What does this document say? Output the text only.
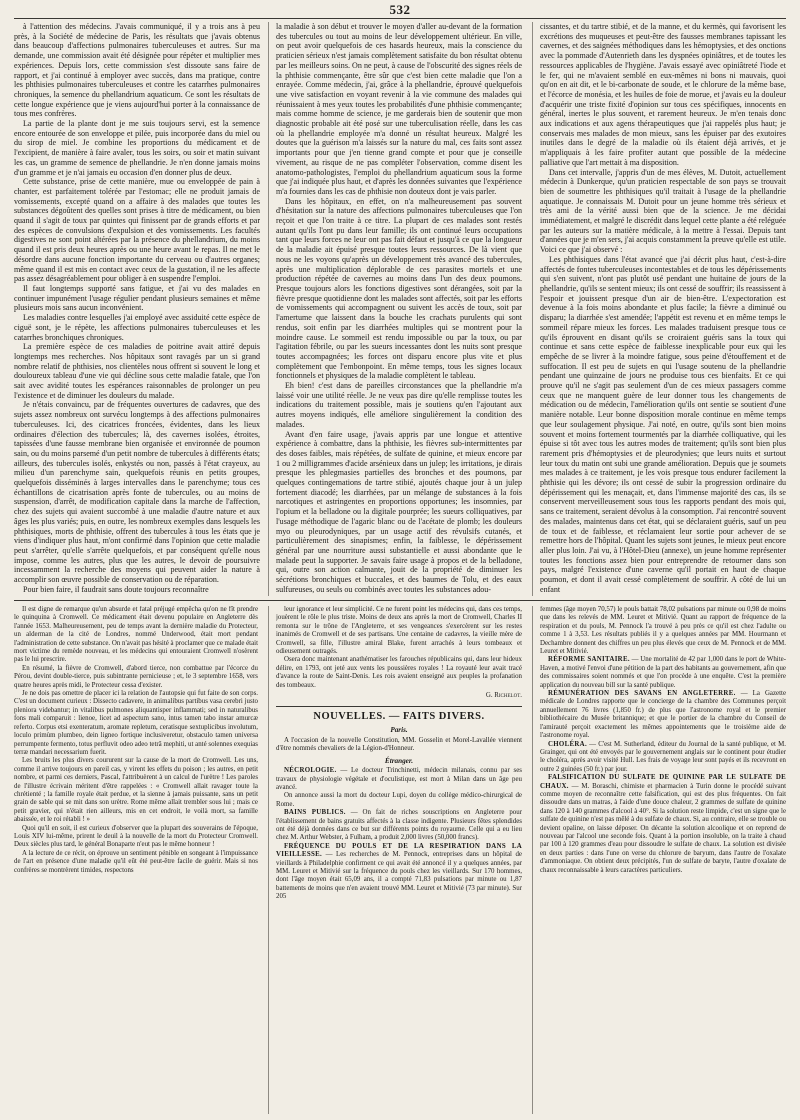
532

à l'attention des médecins. J'avais communiqué, il y a trois ans à peu près, à la Société de médecine de Paris, les résultats que j'avais obtenus dans beaucoup d'affections pulmonaires tuberculeuses et autres. Sur ma demande, une commission avait été désignée pour répéter et multiplier mes expériences. Depuis lors, cette commission s'est dissoute sans faire de rapport, et j'ai continué à employer avec succès, dans ma pratique, contre les phthisies pulmonaires tuberculeuses et contre les catarrhes pulmonaires chroniques, la semence du phellandrium aquaticum. Ce sont les résultats de cette longue expérience que je viens aujourd'hui porter à la connaissance de tous mes confrères.

La partie de la plante dont je me suis toujours servi, est la semence encore entourée de son enveloppe et pilée, puis incorporée dans du miel ou du sirop de miel. Je combine les proportions du médicament et de l'excipient, de manière à faire avaler, tous les soirs, ou soir et matin suivant les cas, un gramme de semence de phellandrie. Je n'en donne jamais moins d'un gramme et je n'ai jamais eu occasion d'en donner plus de deux.

Cette substance, prise de cette manière, mue ou enveloppée de pain à chanter, est parfaitement tolérée par l'estomac; elle ne produit jamais de vomissements, excepté quand on a affaire à des malades que toutes les substances dégoûtent des quelles sont prises à titre de médicament, ou bien quand il s'agit de toux par quintes qui finissent par de grands efforts et par des espèces de convulsions d'expulsion et des vomissements. Les facultés digestives ne sont point altérées par la présence du phellandrium, du moins quand il est pris deux heures après ou une heure avant le repas. Il ne met le désordre dans aucune fonction importante du cerveau ou d'autres organes; même quand il est mis en contact avec ceux de la gustation, il ne les affecte pas assez désagréablement pour obliger à en suspendre l'emploi.

Il faut longtemps supporté sans fatigue, et j'ai vu des malades en continuer impunément l'usage régulier pendant plusieurs semaines et même plusieurs mois sans aucun inconvénient.

Les maladies contre lesquelles j'ai employé avec assiduité cette espèce de ciguë sont, je le répète, les affections pulmonaires tuberculeuses et les catarrhes bronchiques chroniques.

La première espèce de ces maladies de poitrine avait attiré depuis longtemps mes recherches. Nos hôpitaux sont ravagés par un si grand nombre relatif de phthisies, nos clientèles nous offrent si souvent le long et douloureux tableau d'une vie qui décline sous cette maladie fatale, que l'on sait avec avidité toutes les espérances raisonnables de prolonger un peu l'existence et de diminuer les douleurs du malade.

Je n'étais convaincu, par de fréquentes ouvertures de cadavres, que des sujets assez nombreux ont survécu longtemps à des affections pulmonaires tuberculeuses. Ici, des cicatrices froncées, évidentes, dans les lieux ordinaires d'élection des tubercules; là, des cavernes isolées, étroites, tapissées d'une fausse membrane bien organisée et environnée de poumon sain, ou du moins parsemé d'un petit nombre de tubercules à différents états; ailleurs, des tubercules isolés, enkystés ou non, passés à l'état crayeux, au milieu d'un parenchyme sain, quelquefois réunis en petits groupes, quelquefois disséminés à larges intervalles dans le parenchyme; tous ces échantillons de cicatrisation après fonte de tubercules, ou au moins de suspension, d'arrêt, de modification capitale dans la marche de l'affection, chez des sujets qui avaient succombé à une maladie d'autre nature et aux âges les plus variés; puis, en outre, les nombreux exemples dans lesquels les phthisiques, morts de phthisie, offrent des tubercules à tous les états que je viens d'indiquer plus haut, m'ont confirmé dans l'opinion que cette maladie peut s'arrêter, qu'elle s'arrête quelquefois, et par conséquent qu'elle nous impose, comme les autres, plus que les autres, le devoir de poursuivre incessamment la recherche des moyens qui peuvent aider la nature à accomplir son œuvre possible de conservation ou de réparation.

Pour bien faire, il faudrait sans doute toujours reconnaître

la maladie à son début et trouver le moyen d'aller au-devant de la formation des tubercules ou tout au moins de leur développement ultérieur. En ville, on peut avoir quelquefois de ces hasards heureux, mais la conscience du praticien sérieux n'est jamais complètement satisfaite du bon résultat obtenu par les meilleurs soins. On ne peut, à cause de l'obscurité des signes réels de la phthisie commençante, être sûr que c'est bien cette maladie que l'on a enrayée. Comme médecin, j'ai, grâce à la phellandrie, éprouvé quelquefois une vive satisfaction en voyant revenir à la vie commune des malades qui réunissaient à mes yeux toutes les probabilités d'une phthisie commençante; mais comme homme de science, je me garderais bien de soutenir que mon diagnostic probable ait été posé sur une tuberculisation réelle, dans les cas où la phellandrie employée m'a donné un résultat heureux. Malgré les doutes que la guérison m'a laissés sur la nature du mal, ces faits sont assez importants pour que j'en tienne grand compte et pour que je conseille vivement, au risque de ne pas compléter l'observation, comme disent les anatomo-pathologistes, l'emploi du phellandrium aquaticum sous la forme que j'ai indiquée plus haut, et d'après les données suivantes que l'expérience m'a fournies dans les cas de phthisie non douteux dont je vais parler.

Dans les hôpitaux, en effet, on n'a malheureusement pas souvent d'hésitation sur la nature des affections pulmonaires tuberculeuses que l'on reçoit et que l'on traite à ce titre. La plupart de ces malades sont restés autant qu'ils l'ont pu dans leur famille; ils ont continué leurs occupations tant que leurs forces ne leur ont pas fait défaut et jusqu'à ce que la longueur de la maladie ait épuisé presque toutes leurs ressources. De là vient que nous ne les voyons qu'après un développement très avancé des tubercules, après une multiplication déplorable de ces parasites mortels et une production répétée de cavernes au moins dans l'un des deux poumons. Presque toujours alors les fonctions digestives sont dérangées, soit par la fièvre presque quotidienne dont les malades sont affectés, soit par les efforts de vomissements qui accompagnent ou suivent les accès de toux, soit par l'amertume que laissent dans la bouche les crachats purulents qui sont rendus, soit enfin par les diarrhées multiples qui se montrent pour la moindre cause. Le sommeil est rendu impossible ou par la toux, ou par l'agitation fébrile, ou par les sueurs incessantes dont les nuits sont presque toutes accompagnées; les forces ont disparu encore plus vite et plus complètement que l'embonpoint. En même temps, tous les signes locaux fonctionnels et physiques de la maladie complètent le tableau.

Eh bien! c'est dans de pareilles circonstances que la phellandrie m'a laissé voir une utilité réelle. Je ne veux pas dire qu'elle remplisse toutes les indications du traitement possible, mais je soutiens qu'en l'ajoutant aux autres moyens indiqués, elle améliore singulièrement la condition des malades.

Avant d'en faire usage, j'avais appris par une longue et attentive expérience à combattre, dans la phthisie, les fièvres sub-intermittentes par des doses faibles, mais répétées, de sulfate de quinine, et mieux encore par 1 ou 2 milligrammes d'acide arsénieux dans un julep; les irritations, je dirais presque les phlegmasies partielles des bronches et des poumons, par quelques contingemations de tartre stibié, ajoutés chaque jour à un julep fortement diacodé; les diarrhées, par un mélange de substances à la fois narcotiques et astringentes en proportions opportunes; les insomnies, par l'opium et la belladone ou la digitale pourprée; les sueurs colliquatives, par l'usage méthodique de l'agaric blanc ou de l'acétate de plomb; les douleurs myo ou pleurodyniques, par un usage actif des révulsifs cutanés, et particulièrement des sinapismes; enfin, la faiblesse, le dépérissement général par une nourriture aussi substantielle et aussi abondante que le malade peut la supporter. Je savais faire usage à propos et de la belladone, qui, outre son action calmante, jouit de la propriété de diminuer les sécrétions bronchiques et buccales, et des baumes de Tolu, et des eaux sulfureuses, ou seuls ou combinés avec toutes les substances adou-

cissantes, et du tartre stibié, et de la manne, et du kermès, qui favorisent les excrétions des muqueuses et peut-être des fausses membranes tapissant les cavernes, et des saignées méthodiques dans les hémoptysies, et des onctions avec la pommade d'Autenrieth dans les dyspnées opiniâtres, et de toutes les ressources applicables de l'hygiène. J'avais essayé avec opiniâtreté l'iode et le fer, qui ne m'avaient semblé en eux-mêmes ni bons ni mauvais, quoi qu'on en ait dit, et le bi-carbonate de soude, et le chlorure de la même base, et l'écorce de monésia, et les huiles de foie de morue, et j'avais eu la douleur d'acquérir une triste fixité d'opinion sur tous ces spécifiques, innocents en général, inertes le plus souvent, et rarement heureux. Je m'en tenais donc aux indications et aux agens thérapeutiques que j'ai rappelés plus haut; je conservais mes malades de mon mieux, sans les épuiser par des exutoires inutiles dans le degré de la maladie où ils étaient déjà arrivés, et je m'appliquais à les faire profiter autant que possible de la médecine palliative que l'art mettait à ma disposition.

Dans cet intervalle, j'appris d'un de mes élèves, M. Dutoit, actuellement médecin à Dunkerque, qu'un praticien respectable de son pays se trouvait bien de soumettre les phthisiques qu'il traitait à l'usage de la phellandrie aquatique. Je connaissais M. Dutoit pour un jeune homme très sérieux et très ami de la vérité aussi bien que de la science. Je me décidai immédiatement, et malgré le discrédit dans lequel cette plante a été reléguée par les auteurs sur la matière médicale, à la mettre à l'essai. Depuis tant d'années que je m'en sers, j'ai acquis constamment la preuve qu'elle est utile. Voici ce que j'ai observé :

Les phthisiques dans l'état avancé que j'ai décrit plus haut, c'est-à-dire affectés de fontes tuberculeuses incontestables et de tous les dépérissements qui s'en suivent, n'ont pas plutôt usé pendant une huitaine de jours de la phellandrie, qu'ils se sentent mieux; ils ont cessé de souffrir; ils reassissent à l'espoir et jouissent presque d'un air de bien-être. L'expectoration est devenue à la fois moins abondante et plus facile; la fièvre a diminué ou disparu; la diarrhée s'est amendée; l'appétit est revenu et en même temps le sommeil répare mieux les forces. Les malades traduisent presque tous ce qu'ils éprouvent en disant qu'ils se croiraient guéris sans la toux qui continue et sans cette espèce de faiblesse inexplicable pour eux qui les empêche de se livrer à la moindre fatigue, sous peine d'étouffement et de suffocation. Il est peu de sujets en qui l'usage soutenu de la phellandrie pendant une quinzaine de jours ne produise tous ces bienfaits. Et ce qui prouve qu'il ne s'agit pas seulement d'un de ces mieux passagers comme ceux que ne manquent guère de leur donner tous les changements de médication ou de médecin, l'amélioration qu'ils ont sentie se soutient d'une manière notable. Leur bonne disposition morale continue en même temps que leur soulagement physique. J'ai noté, en outre, qu'ils sont bien moins souvent et moins fortement tourmentés par la diarrhée colliquative, qui les épuise si tôt avec tous les autres modes de traitement; qu'ils sont bien plus rarement pris d'hémoptysies et de pleurodynies; que leurs nuits et surtout leur toux du matin ont subi une grande amélioration. Depuis que je soumets mes malades à ce traitement, je les vois presque tous endurer facilement la phthisie qui les dévore; ils ont cessé de subir la progression ordinaire du dépérissement qui les menaçait, et, dans l'immense majorité des cas, ils se conservent merveilleusement sous tous les rapports pendant des mois qui, sans ce traitement, seraient dévolus à la consomption. J'ai rencontré souvent des malades, maintenus dans cet état, qui se déclaraient guéris, sauf un peu de toux et de faiblesse, et réclamaient leur sortie pour achever de se remettre hors de l'hôpital. Quant les sujets sont jeunes, le mieux peut encore aller plus loin. J'ai vu, à l'Hôtel-Dieu (annexe), un jeune homme représenter toutes les fonctions assez bien pour entreprendre de retourner dans son pays, malgré l'existence d'une caverne qu'il portait en haut de chaque poumon, et dont il avait cessé complètement de souffrir. A côté de lui un enfant

Il est digne de remarque qu'un absurde et fatal préjugé empêcha qu'on ne fît prendre le quinquina à Cromwell. Ce médicament était devenu populaire en Angleterre dès l'année 1653. Malheureusement, peu de temps avant la dernière maladie du Protecteur, un alderman de la cité de Londres, nommé Underwood, était mort pendant l'administration de cette substance. On n'avait pas hésité à proclamer que ce malade était mort victime du remède nouveau, et les médecins qui entouraient Cromwell n'osèrent pas le lui prescrire.

En résumé, la fièvre de Cromwell, d'abord tierce, non combattue par l'écorce du Pérou, devint double-tierce, puis subintrante pernicieuse ; et, le 3 septembre 1658, vers quatre heures après midi, le Protecteur cessa d'exister.

Je ne dois pas omettre de placer ici la relation de l'autopsie qui fut faite de son corps. C'est un document curieux : Dissecto cadavere, in animalibus partibus vasa cerebri justo pleniora videbantur; in vitalibus pulmones aliquantisper inflammati; sed in naturalibus fons mali comparuit : lienoe, licet ad aspectum sano, intus tamen tabo instar amurcæ referto. Corpus etsi exenteratum, aromate repletum, ceratisque sextuplicibus involutum, loculo primùm plumbeo, dein ligneo fortique inclusiveretur, obstaculo tamen universa perrumpente fermento, totus perfluvit odeo adeo tetrâ mephiti, ut anté solennes exequias terræ mandari necessarium fuerit.

Les bruits les plus divers coururent sur la cause de la mort de Cromwell. Les uns, comme il arrive toujours en pareil cas, y virent les effets du poison ; les autres, en petit nombre, et parmi ces derniers, Pascal, l'attribuèrent à un calcul de l'urètre ! Les paroles de l'illustre écrivain méritent d'être rappelées : « Cromwell allait ravager toute la chrétienté ; la famille royale était perdue, et la sienne à jamais puissante, sans un petit grain de sable qui se mit dans son urètre. Rome même allait trembler sous lui ; mais ce petit gravier, qui n'était rien ailleurs, mis en cet endroit, le voilà mort, sa famille abaissée, et le roi rétabli ! »

Quoi qu'il en soit, il est curieux d'observer que la plupart des souverains de l'époque, Louis XIV lui-même, prirent le deuil à la nouvelle de la mort du Protecteur Cromwell. Deux siècles plus tard, le général Bonaparte n'eut pas le même honneur !

A la lecture de ce récit, on éprouve un sentiment pénible en songeant à l'impuissance de l'art en présence d'une maladie qu'il eût été peut-être facile de guérir. Mais si nos confrères se montrèrent timides, respectons

leur ignorance et leur simplicité. Ce ne furent point les médecins qui, dans ces temps, jouèrent le rôle le plus triste. Moins de deux ans après la mort de Cromwell, Charles II remonta sur le trône de l'Angleterre, et ses vengeances s'exercèrent sur les restes inanimés de Cromwell et de ses partisans. Une centaine de cadavres, la vieille mère de Cromwell, sa fille, l'illustre amiral Blake, furent arrachés à leurs tombeaux et odieusement outragés.

Osera donc maintenant anathématiser les farouches républicains qui, dans leur hideux délire, en 1793, ont jeté aux vents les poussières royales ! La royauté leur avait tracé d'avance la route de Saint-Denis. Les rois avaient enseigné aux peuples la profanation des tombeaux.

G. Richelot.

NOUVELLES. — FAITS DIVERS.
Paris.

A l'occasion de la nouvelle Constitution, MM. Gosselin et Morel-Lavallée viennent d'être nommés chevaliers de la Légion-d'Honneur.

Étranger.

NÉCROLOGIE. — Le docteur Trinchinetti, médecin milanais, connu par ses travaux de physiologie végétale et d'oculistique, est mort à Milan dans un âge peu avancé.

On annonce aussi la mort du docteur Lupi, doyen du collège médico-chirurgical de Rome.

BAINS PUBLICS. — On fait de riches souscriptions en Angleterre pour l'établissement de bains gratuits affectés à la classe indigente. Plusieurs fêtes splendides ont été déjà données dans ce but sur différents points du royaume. Celle qui a eu lieu chez M. Arthur Webster, à Fulham, a produit 2,000 livres (50,000 francs).

FRÉQUENCE DU POULS ET DE LA RESPIRATION DANS LA VIEILLESSE. — Les recherches de M. Pennock, entreprises dans un hôpital de vieillards à Philadelphie confirment ce qui avait été annoncé il y a quelques années, par MM. Leuret et Mitivié sur la fréquence du pouls chez les vieillards. Sur 170 hommes, dont l'âge moyen était 65,09 ans, il a compté 71,83 pulsations par minute ou 1,87 battements de moins que n'en avaient trouvé MM. Leuret et Mitivié (73 par minute). Sur 205

femmes (âge moyen 70,57) le pouls battait 78,02 pulsations par minute ou 0,98 de moins que dans les relevés de MM. Leuret et Mitivié. Quant au rapport de fréquence de la respiration et du pouls, M. Pennock l'a trouvé à peu près ce qu'il est chez l'adulte ou comme 1 à 3,53. Les résultats publiés il y a quelques années par MM. Hourmann et Dechambre donnent des chiffres un peu plus élevés que ceux de M. Pennock et de MM. Leuret et Mitivié.

RÉFORME SANITAIRE. — Une mortalité de 42 par 1,000 dans le port de White-Haven, a motivé l'envoi d'une pétition de la part des habitants au gouvernement, afin que des commissaires soient nommés et que l'on procède à une enquête. C'est la première application du nouveau bill sur la santé publique.

RÉMUNÉRATION DES SAVANS EN ANGLETERRE. — La Gazette médicale de Londres rapporte que le concierge de la chambre des Communes perçoit annuellement 76 livres (1,850 fr.) de plus que l'astronome royal et le premier bibliothécaire du Musée britannique; et que le portier de la chambre du Conseil de l'amirauté perçoit exactement les mêmes appointements que le troisième aide de l'astronome royal.

CHOLÉRA. — C'est M. Sutherland, éditeur du Journal de la santé publique, et M. Grainger, qui ont été envoyés par le gouvernement anglais sur le continent pour étudier le choléra, après avoir visité Hull. Les frais de voyage leur sont payés et ils recevront en outre 2 guinées (50 fr.) par jour.

FALSIFICATION DU SULFATE DE QUININE PAR LE SULFATE DE CHAUX. — M. Boraschi, chimiste et pharmacien à Turin donne le procédé suivant comme moyen de reconnaître cette falsification, qui est des plus fréquentes. On fait dissoudre dans un matras, à l'aide d'une douce chaleur, 2 grammes de sulfate de quinine dans 120 à 140 grammes d'alcool à 40°. Si la solution reste limpide, c'est un signe que le sulfate de quinine n'est pas mêlé à du sulfate de chaux. Si, au contraire, elle se trouble ou devient opaline, on laisse déposer. On décante la solution alcoolique et on reprend de nouveau par l'alcool une seconde fois. Quant à la portion insoluble, on la traite à chaud par 100 à 120 grammes d'eau pour dissoudre le sulfate de chaux. La solution est divisée en deux parties : dans l'une on verse du chlorure de baryum, dans l'autre de l'oxalate d'ammoniaque. On obtient deux précipités, l'un de sulfate de baryte, l'autre d'oxalate de chaux reconnaissable à leurs caractères particuliers.
